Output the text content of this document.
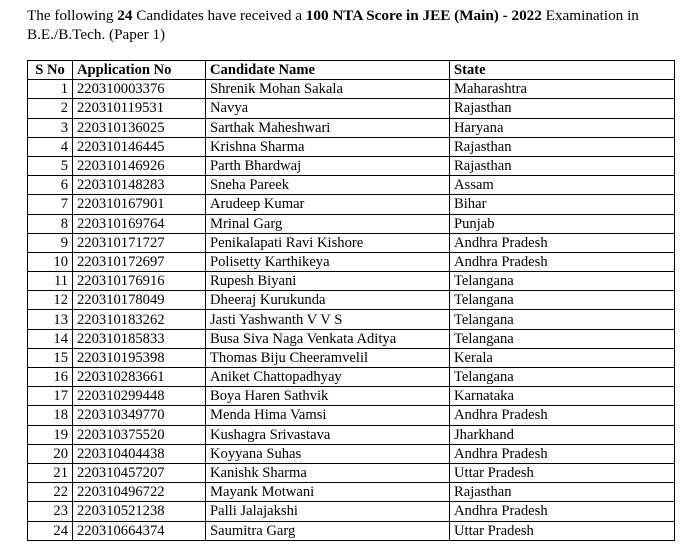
The following 24 Candidates have received a 100 NTA Score in JEE (Main) - 2022 Examination in B.E./B.Tech. (Paper 1)

S No	Application No	Candidate Name	State
1	220310003376	Shrenik Mohan Sakala	Maharashtra
2	220310119531	Navya	Rajasthan
3	220310136025	Sarthak Maheshwari	Haryana
4	220310146445	Krishna Sharma	Rajasthan
5	220310146926	Parth Bhardwaj	Rajasthan
6	220310148283	Sneha Pareek	Assam
7	220310167901	Arudeep Kumar	Bihar
8	220310169764	Mrinal Garg	Punjab
9	220310171727	Penikalapati Ravi Kishore	Andhra Pradesh
10	220310172697	Polisetty Karthikeya	Andhra Pradesh
11	220310176916	Rupesh Biyani	Telangana
12	220310178049	Dheeraj Kurukunda	Telangana
13	220310183262	Jasti Yashwanth V V S	Telangana
14	220310185833	Busa Siva Naga Venkata Aditya	Telangana
15	220310195398	Thomas Biju Cheeramvelil	Kerala
16	220310283661	Aniket Chattopadhyay	Telangana
17	220310299448	Boya Haren Sathvik	Karnataka
18	220310349770	Menda Hima Vamsi	Andhra Pradesh
19	220310375520	Kushagra Srivastava	Jharkhand
20	220310404438	Koyyana Suhas	Andhra Pradesh
21	220310457207	Kanishk Sharma	Uttar Pradesh
22	220310496722	Mayank Motwani	Rajasthan
23	220310521238	Palli Jalajakshi	Andhra Pradesh
24	220310664374	Saumitra Garg	Uttar Pradesh
